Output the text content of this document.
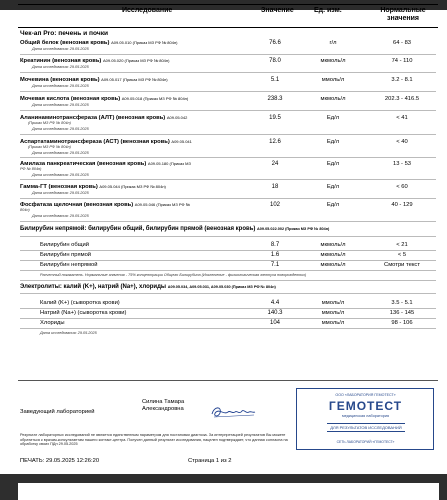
Исследование	Значение	Ед. изм.	Нормальные значения
Чек-ап Pro: печень и почки
Общий белок (венозная кровь) A09.05.010 (Приказ МЗ РФ № 804н)	76.6	г/л	64 - 83
Дата исследования: 29.05.2025
Креатинин (венозная кровь) A09.05.020 (Приказ МЗ РФ № 804н)	78.0	мкмоль/л	74 - 110
Дата исследования: 29.05.2025
Мочевина (венозная кровь) A09.05.017 (Приказ МЗ РФ № 804н)	5.1	ммоль/л	3.2 - 8.1
Дата исследования: 29.05.2025
Мочевая кислота (венозная кровь) A09.05.018 (Приказ МЗ РФ № 804н)	238.3	мкмоль/л	202.3 - 416.5
Дата исследования: 29.05.2025
Аланинаминотрансфераза (АЛТ) (венозная кровь) A09.05.042
(Приказ МЗ РФ № 804н)
19.5	Ед/л	< 41
Дата исследования: 29.05.2025
Аспартатаминотрансфераза (АСТ) (венозная кровь) A09.05.041
(Приказ МЗ РФ № 804н)
12.6	Ед/л	< 40
Дата исследования: 29.05.2025
Амилаза панкреатическая (венозная кровь) A09.05.180 (Приказ МЗ
РФ № 804н)
24	Ед/л	13 - 53
Дата исследования: 29.05.2025
Гамма-ГТ (венозная кровь) A09.05.044 (Приказ МЗ РФ № 804н)	18	Ед/л	< 60
Дата исследования: 29.05.2025
Фосфатаза щелочная (венозная кровь) A09.05.046 (Приказ МЗ РФ №
804н)
102	Ед/л	40 - 129
Дата исследования: 29.05.2025
Билирубин непрямой: билирубин общий, билирубин прямой (венозная кровь) A09.05.022.002 (Приказ МЗ РФ № 804н)
Билирубин общий	8.7	мкмоль/л	< 21
Билирубин прямой	1.6	мкмоль/л	< 5
Билирубин непрямой	7.1	мкмоль/л	Смотри текст
Расчетный показатель. Нормальные значения - 75% концентрации Общего Билирубина (Исключение - физиологическая желтуха новорожденных)
Электролиты: калий (K+), натрий (Na+), хлориды A09.05.034, A09.05.031, A09.05.030 (Приказ МЗ РФ № 804н)
Калий (K+) (сыворотка крови)	4.4	ммоль/л	3.5 - 5.1
Натрий (Na+) (сыворотка крови)	140.3	ммоль/л	136 - 145
Хлориды	104	ммоль/л	98 - 106
Дата исследования: 29.05.2025
Заведующий лабораторией
Силина Тамара
Александровна
ООО «ЛАБОРАТОРИЯ ГЕМОТЕСТ»
ГЕМОТЕСТ
медицинская лаборатория
ДЛЯ РЕЗУЛЬТАТОВ ИССЛЕДОВАНИЙ
СЕТЬ ЛАБОРАТОРИЙ «ГЕМОТЕСТ»
Результат лабораторных исследований не является единственным параметром для постановки диагноза. За интерпретацией результатов Вы можете обратиться к врачам-консультантам нашего контакт-центра. Получен данный результат исследования, нацелен подтверждает, что данная сопласна на обработку своих ПДн 29.05.2025
ПЕЧАТЬ: 29.05.2025 12:26:20	Страница 1 из 2
